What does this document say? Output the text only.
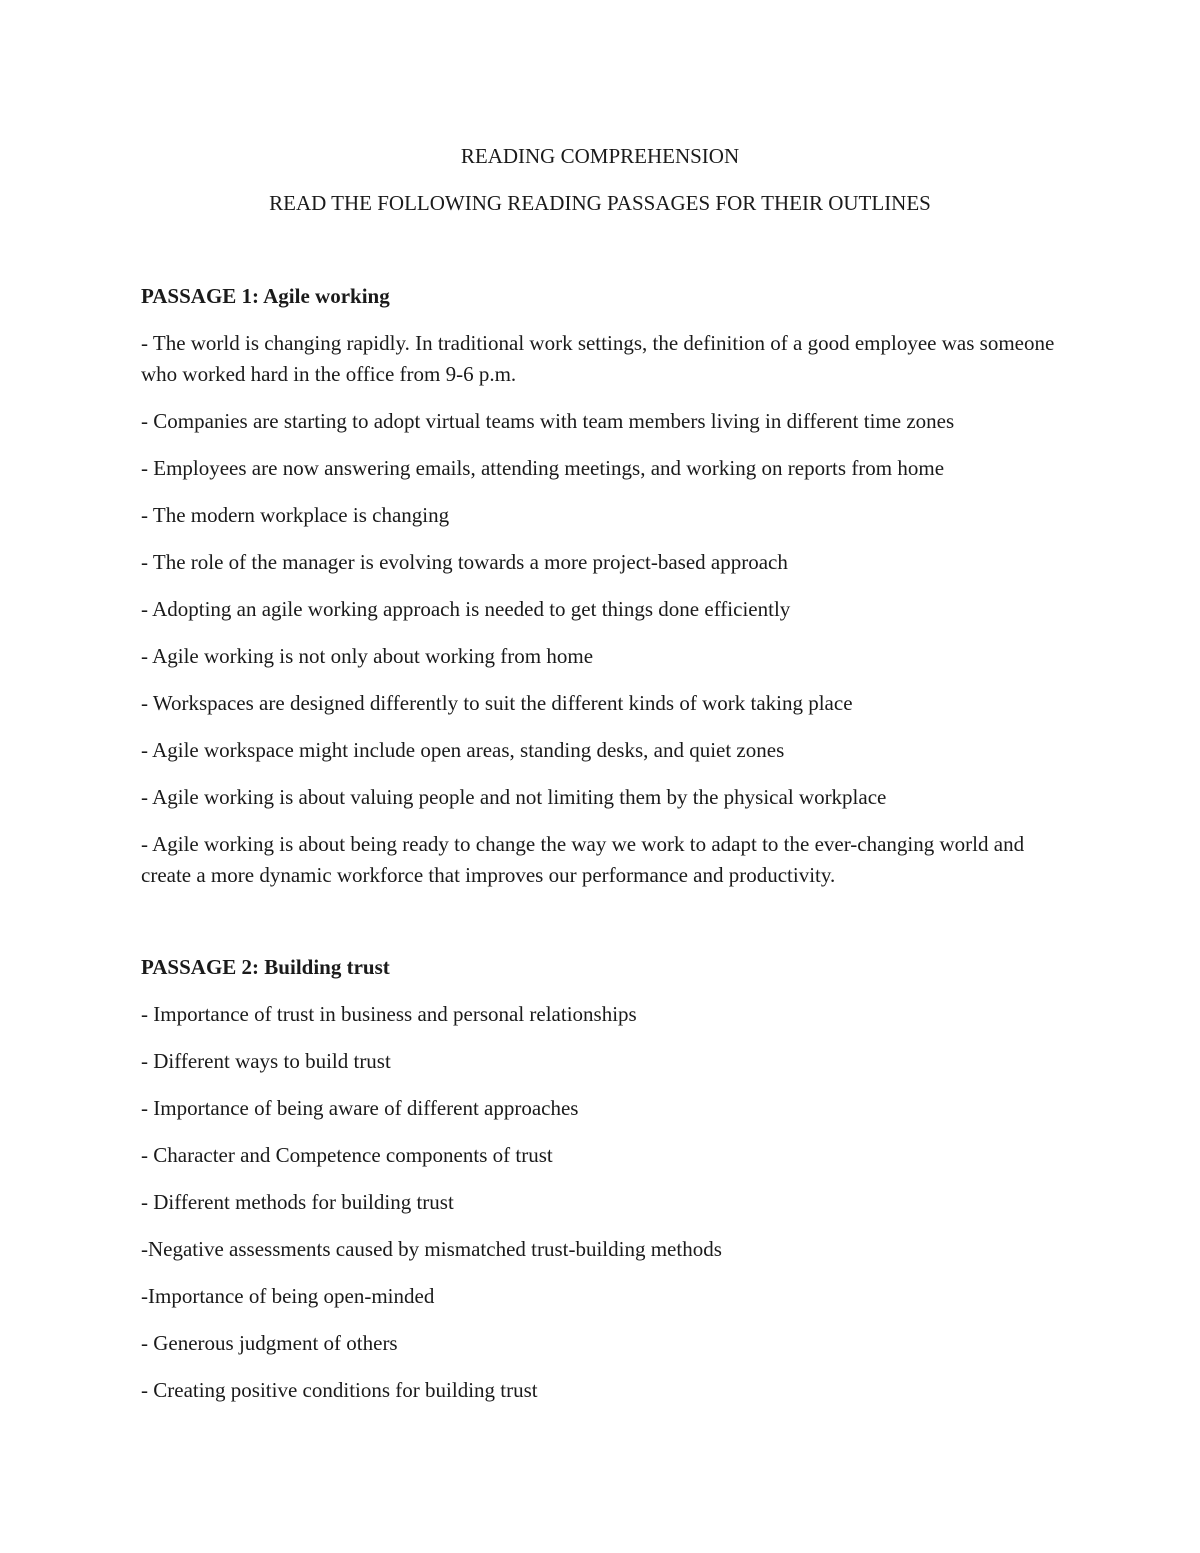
READING COMPREHENSION

READ THE FOLLOWING READING PASSAGES FOR THEIR OUTLINES

PASSAGE 1: Agile working

- The world is changing rapidly. In traditional work settings, the definition of a good employee was someone who worked hard in the office from 9-6 p.m.
- Companies are starting to adopt virtual teams with team members living in different time zones
- Employees are now answering emails, attending meetings, and working on reports from home
- The modern workplace is changing
- The role of the manager is evolving towards a more project-based approach
- Adopting an agile working approach is needed to get things done efficiently
- Agile working is not only about working from home
- Workspaces are designed differently to suit the different kinds of work taking place
- Agile workspace might include open areas, standing desks, and quiet zones
- Agile working is about valuing people and not limiting them by the physical workplace
- Agile working is about being ready to change the way we work to adapt to the ever-changing world and create a more dynamic workforce that improves our performance and productivity.

PASSAGE 2: Building trust

- Importance of trust in business and personal relationships
- Different ways to build trust
- Importance of being aware of different approaches
- Character and Competence components of trust
- Different methods for building trust
-Negative assessments caused by mismatched trust-building methods
-Importance of being open-minded
- Generous judgment of others
- Creating positive conditions for building trust
